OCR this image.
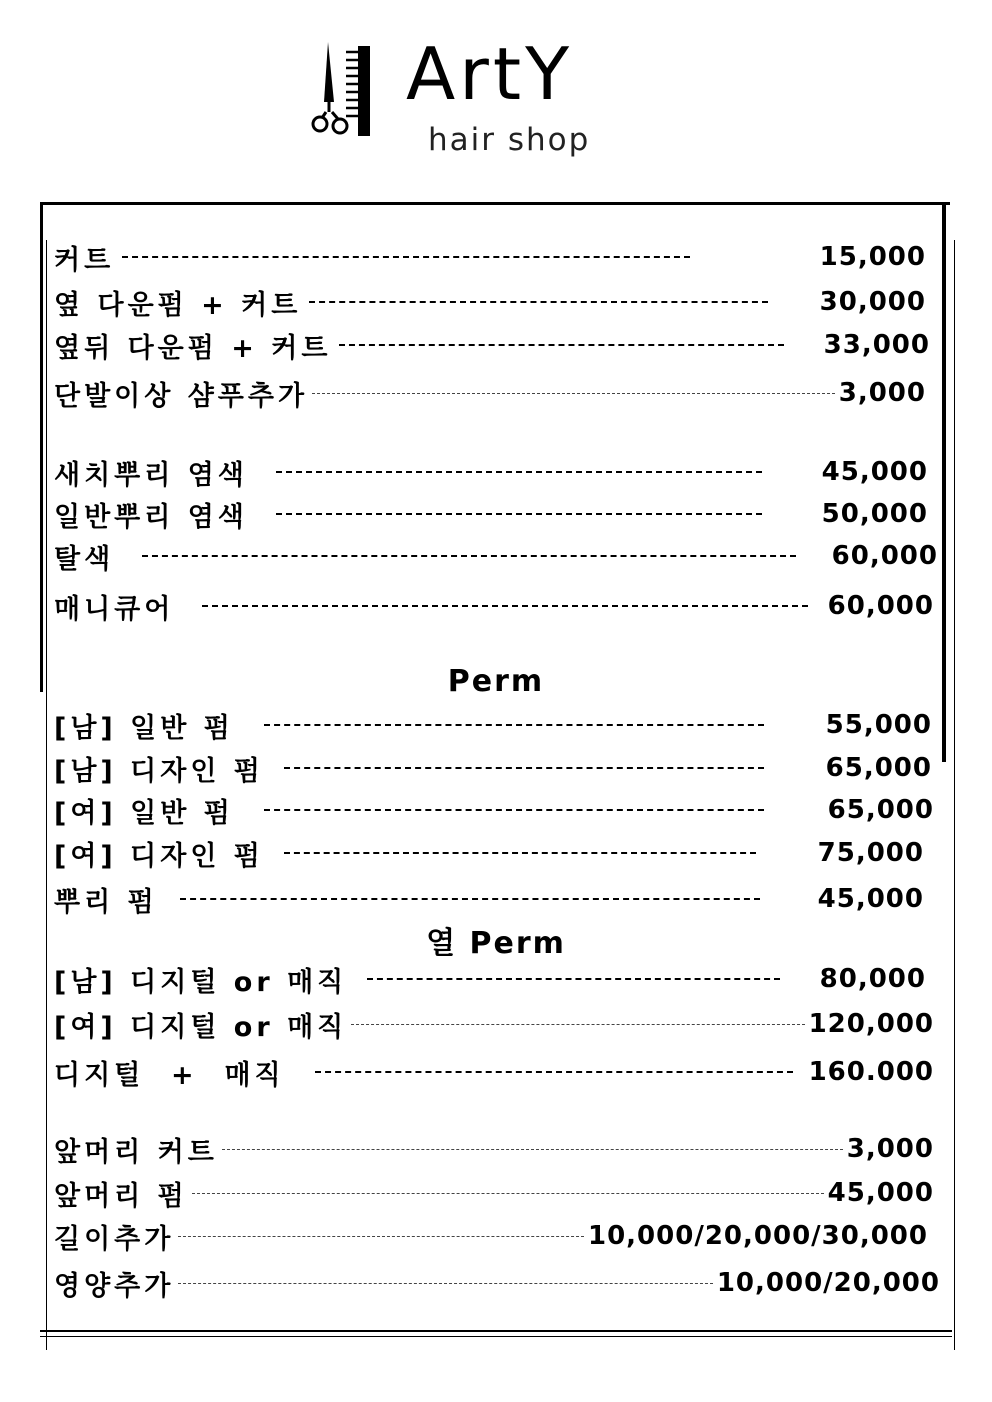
ArtY
hair shop
커트	15,000
옆 다운펌 + 커트	30,000
옆뒤 다운펌 + 커트	33,000
단발이상 샴푸추가	3,000
새치뿌리 염색	45,000
일반뿌리 염색	50,000
탈색	60,000
매니큐어	60,000
Perm
[남] 일반 펌	55,000
[남] 디자인 펌	65,000
[여] 일반 펌	65,000
[여] 디자인 펌	75,000
뿌리 펌	45,000
열 Perm
[남] 디지털 or 매직	80,000
[여] 디지털 or 매직	120,000
디지털  +  매직	160.000
앞머리 커트	3,000
앞머리 펌	45,000
길이추가	10,000/20,000/30,000
영양추가	10,000/20,000
